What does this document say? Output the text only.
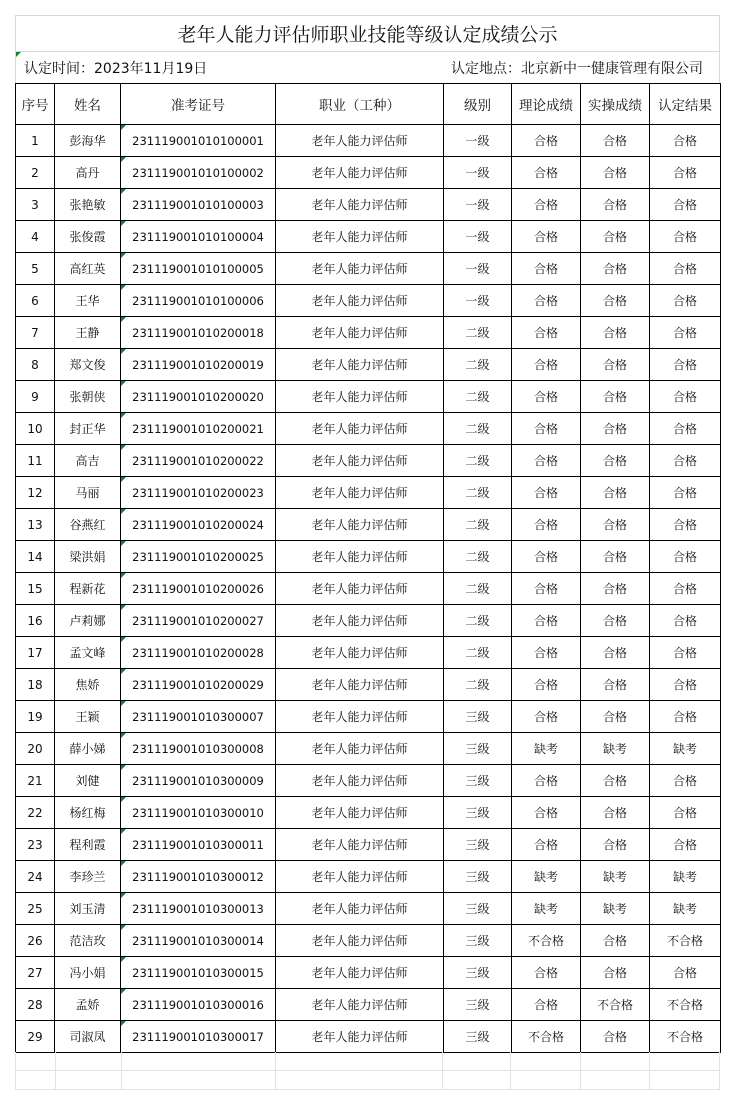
老年人能力评估师职业技能等级认定成绩公示
认定时间：2023年11月19日	认定地点：北京新中一健康管理有限公司
序号	姓名	准考证号	职业（工种）	级别	理论成绩	实操成绩	认定结果
1	彭海华	231119001010100001	老年人能力评估师	一级	合格	合格	合格
2	高丹	231119001010100002	老年人能力评估师	一级	合格	合格	合格
3	张艳敏	231119001010100003	老年人能力评估师	一级	合格	合格	合格
4	张俊霞	231119001010100004	老年人能力评估师	一级	合格	合格	合格
5	高红英	231119001010100005	老年人能力评估师	一级	合格	合格	合格
6	王华	231119001010100006	老年人能力评估师	一级	合格	合格	合格
7	王静	231119001010200018	老年人能力评估师	二级	合格	合格	合格
8	郑文俊	231119001010200019	老年人能力评估师	二级	合格	合格	合格
9	张朝侠	231119001010200020	老年人能力评估师	二级	合格	合格	合格
10	封正华	231119001010200021	老年人能力评估师	二级	合格	合格	合格
11	高吉	231119001010200022	老年人能力评估师	二级	合格	合格	合格
12	马丽	231119001010200023	老年人能力评估师	二级	合格	合格	合格
13	谷燕红	231119001010200024	老年人能力评估师	二级	合格	合格	合格
14	梁洪娟	231119001010200025	老年人能力评估师	二级	合格	合格	合格
15	程新花	231119001010200026	老年人能力评估师	二级	合格	合格	合格
16	卢莉娜	231119001010200027	老年人能力评估师	二级	合格	合格	合格
17	孟文峰	231119001010200028	老年人能力评估师	二级	合格	合格	合格
18	焦娇	231119001010200029	老年人能力评估师	二级	合格	合格	合格
19	王颖	231119001010300007	老年人能力评估师	三级	合格	合格	合格
20	薛小娣	231119001010300008	老年人能力评估师	三级	缺考	缺考	缺考
21	刘健	231119001010300009	老年人能力评估师	三级	合格	合格	合格
22	杨红梅	231119001010300010	老年人能力评估师	三级	合格	合格	合格
23	程利霞	231119001010300011	老年人能力评估师	三级	合格	合格	合格
24	李珍兰	231119001010300012	老年人能力评估师	三级	缺考	缺考	缺考
25	刘玉清	231119001010300013	老年人能力评估师	三级	缺考	缺考	缺考
26	范洁玫	231119001010300014	老年人能力评估师	三级	不合格	合格	不合格
27	冯小娟	231119001010300015	老年人能力评估师	三级	合格	合格	合格
28	孟娇	231119001010300016	老年人能力评估师	三级	合格	不合格	不合格
29	司淑凤	231119001010300017	老年人能力评估师	三级	不合格	合格	不合格
